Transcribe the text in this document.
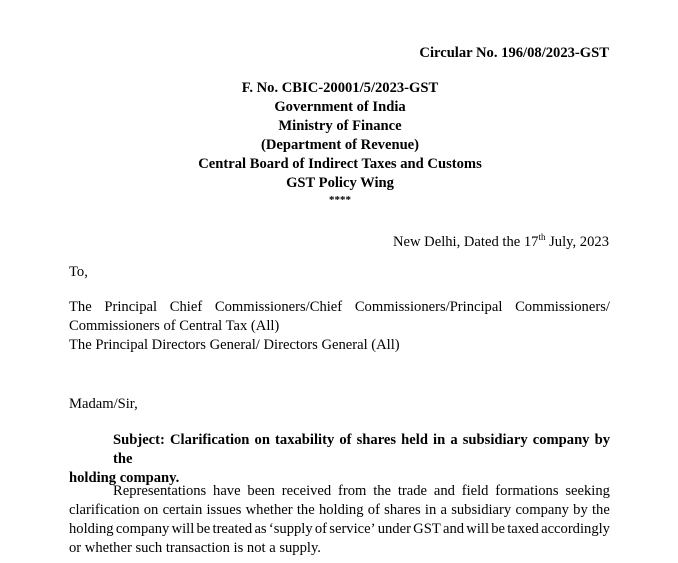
Circular No. 196/08/2023-GST
F. No. CBIC-20001/5/2023-GST
Government of India
Ministry of Finance
(Department of Revenue)
Central Board of Indirect Taxes and Customs
GST Policy Wing
****
New Delhi, Dated the 17th July, 2023
To,
The Principal Chief Commissioners/Chief Commissioners/Principal Commissioners/
Commissioners of Central Tax (All)
The Principal Directors General/ Directors General (All)
Madam/Sir,
Subject: Clarification on taxability of shares held in a subsidiary company by the
holding company.
Representations have been received from the trade and field formations seeking
clarification on certain issues whether the holding of shares in a subsidiary company by the
holding company will be treated as ‘supply of service’ under GST and will be taxed accordingly
or whether such transaction is not a supply.
